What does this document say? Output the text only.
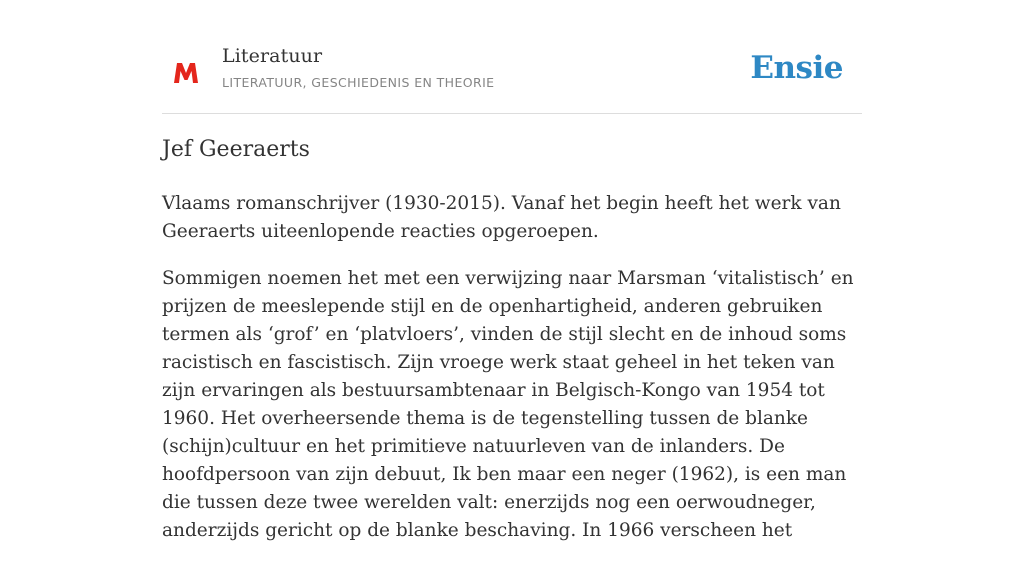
Literatuur
LITERATUUR, GESCHIEDENIS EN THEORIE	Ensie
Jef Geeraerts

Vlaams romanschrijver (1930-2015). Vanaf het begin heeft het werk van Geeraerts uiteenlopende reacties opgeroepen.

Sommigen noemen het met een verwijzing naar Marsman ‘vitalistisch’ en prijzen de meeslepende stijl en de openhartigheid, anderen gebruiken termen als ‘grof’ en ‘platvloers’, vinden de stijl slecht en de inhoud soms racistisch en fascistisch. Zijn vroege werk staat geheel in het teken van zijn ervaringen als bestuursambtenaar in Belgisch-Kongo van 1954 tot 1960. Het overheersende thema is de tegenstelling tussen de blanke (schijn)cultuur en het primitieve natuurleven van de inlanders. De hoofdpersoon van zijn debuut, Ik ben maar een neger (1962), is een man die tussen deze twee werelden valt: enerzijds nog een oerwoudneger, anderzijds gericht op de blanke beschaving. In 1966 verscheen het
